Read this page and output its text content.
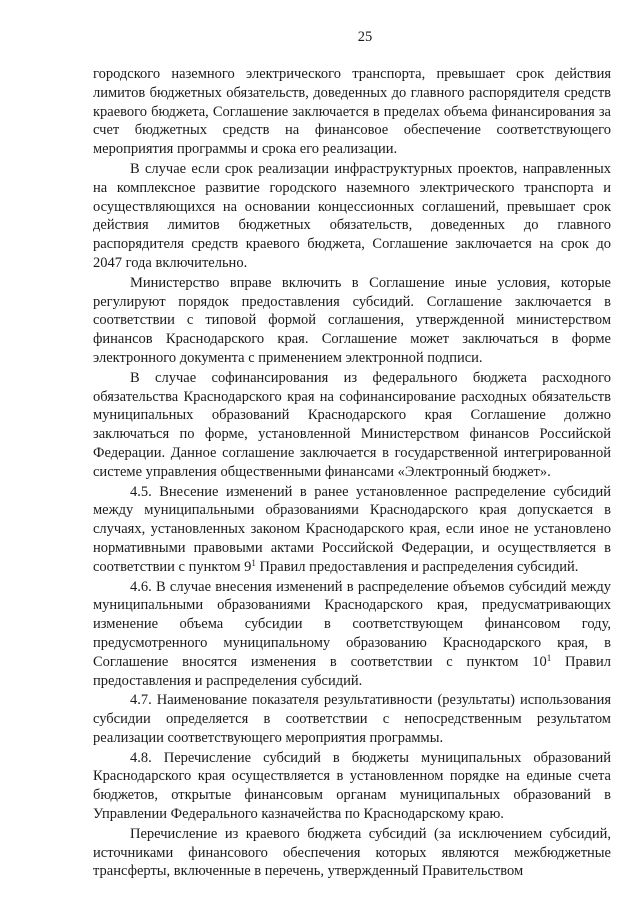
25

городского наземного электрического транспорта, превышает срок действия лимитов бюджетных обязательств, доведенных до главного распорядителя средств краевого бюджета, Соглашение заключается в пределах объема финансирования за счет бюджетных средств на финансовое обеспечение соответствующего мероприятия программы и срока его реализации.

В случае если срок реализации инфраструктурных проектов, направленных на комплексное развитие городского наземного электрического транспорта и осуществляющихся на основании концессионных соглашений, превышает срок действия лимитов бюджетных обязательств, доведенных до главного распорядителя средств краевого бюджета, Соглашение заключается на срок до 2047 года включительно.

Министерство вправе включить в Соглашение иные условия, которые регулируют порядок предоставления субсидий. Соглашение заключается в соответствии с типовой формой соглашения, утвержденной министерством финансов Краснодарского края. Соглашение может заключаться в форме электронного документа с применением электронной подписи.

В случае софинансирования из федерального бюджета расходного обязательства Краснодарского края на софинансирование расходных обязательств муниципальных образований Краснодарского края Соглашение должно заключаться по форме, установленной Министерством финансов Российской Федерации. Данное соглашение заключается в государственной интегрированной системе управления общественными финансами «Электронный бюджет».

4.5. Внесение изменений в ранее установленное распределение субсидий между муниципальными образованиями Краснодарского края допускается в случаях, установленных законом Краснодарского края, если иное не установлено нормативными правовыми актами Российской Федерации, и осуществляется в соответствии с пунктом $9^1$ Правил предоставления и распределения субсидий.

4.6. В случае внесения изменений в распределение объемов субсидий между муниципальными образованиями Краснодарского края, предусматривающих изменение объема субсидии в соответствующем финансовом году, предусмотренного муниципальному образованию Краснодарского края, в Соглашение вносятся изменения в соответствии с пунктом $10^1$ Правил предоставления и распределения субсидий.

4.7. Наименование показателя результативности (результаты) использования субсидии определяется в соответствии с непосредственным результатом реализации соответствующего мероприятия программы.

4.8. Перечисление субсидий в бюджеты муниципальных образований Краснодарского края осуществляется в установленном порядке на единые счета бюджетов, открытые финансовым органам муниципальных образований в Управлении Федерального казначейства по Краснодарскому краю.

Перечисление из краевого бюджета субсидий (за исключением субсидий, источниками финансового обеспечения которых являются межбюджетные трансферты, включенные в перечень, утвержденный Правительством
